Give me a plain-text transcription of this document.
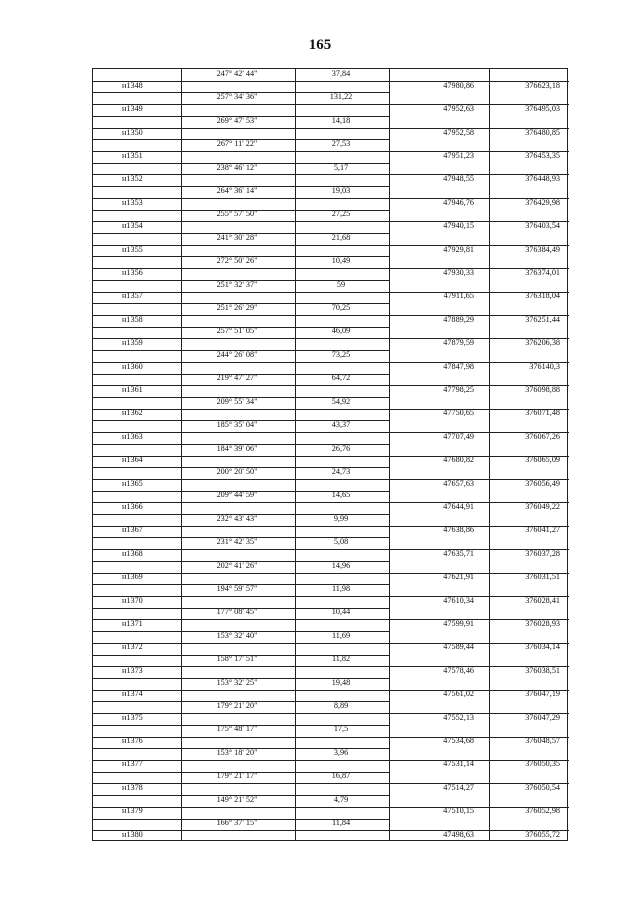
165
247° 42' 44"	37,84
н1348	47980,86	376623,18
257° 34' 36"	131,22
н1349	47952,63	376495,03
269° 47' 53"	14,18
н1350	47952,58	376480,85
267° 11' 22"	27,53
н1351	47951,23	376453,35
238° 46' 12"	5,17
н1352	47948,55	376448,93
264° 36' 14"	19,03
н1353	47946,76	376429,98
255° 57' 50"	27,25
н1354	47940,15	376403,54
241° 30' 28"	21,68
н1355	47929,81	376384,49
272° 50' 26"	10,49
н1356	47930,33	376374,01
251° 32' 37"	59
н1357	47911,65	376318,04
251° 26' 29"	70,25
н1358	47889,29	376251,44
257° 51' 05"	46,09
н1359	47879,59	376206,38
244° 26' 08"	73,25
н1360	47847,98	376140,3
219° 47' 27"	64,72
н1361	47798,25	376098,88
209° 55' 34"	54,92
н1362	47750,65	376071,48
185° 35' 04"	43,37
н1363	47707,49	376067,26
184° 39' 06"	26,76
н1364	47680,82	376065,09
200° 20' 50"	24,73
н1365	47657,63	376056,49
209° 44' 59"	14,65
н1366	47644,91	376049,22
232° 43' 43"	9,99
н1367	47638,86	376041,27
231° 42' 35"	5,08
н1368	47635,71	376037,28
202° 41' 26"	14,96
н1369	47621,91	376031,51
194° 59' 57"	11,98
н1370	47610,34	376028,41
177° 08' 45"	10,44
н1371	47599,91	376028,93
153° 32' 40"	11,69
н1372	47589,44	376034,14
158° 17' 51"	11,82
н1373	47578,46	376038,51
153° 32' 25"	19,48
н1374	47561,02	376047,19
179° 21' 20"	8,89
н1375	47552,13	376047,29
175° 48' 17"	17,5
н1376	47534,68	376048,57
153° 18' 20"	3,96
н1377	47531,14	376050,35
179° 21' 17"	16,87
н1378	47514,27	376050,54
149° 21' 52"	4,79
н1379	47510,15	376052,98
166° 37' 15"	11,84
н1380	47498,63	376055,72
